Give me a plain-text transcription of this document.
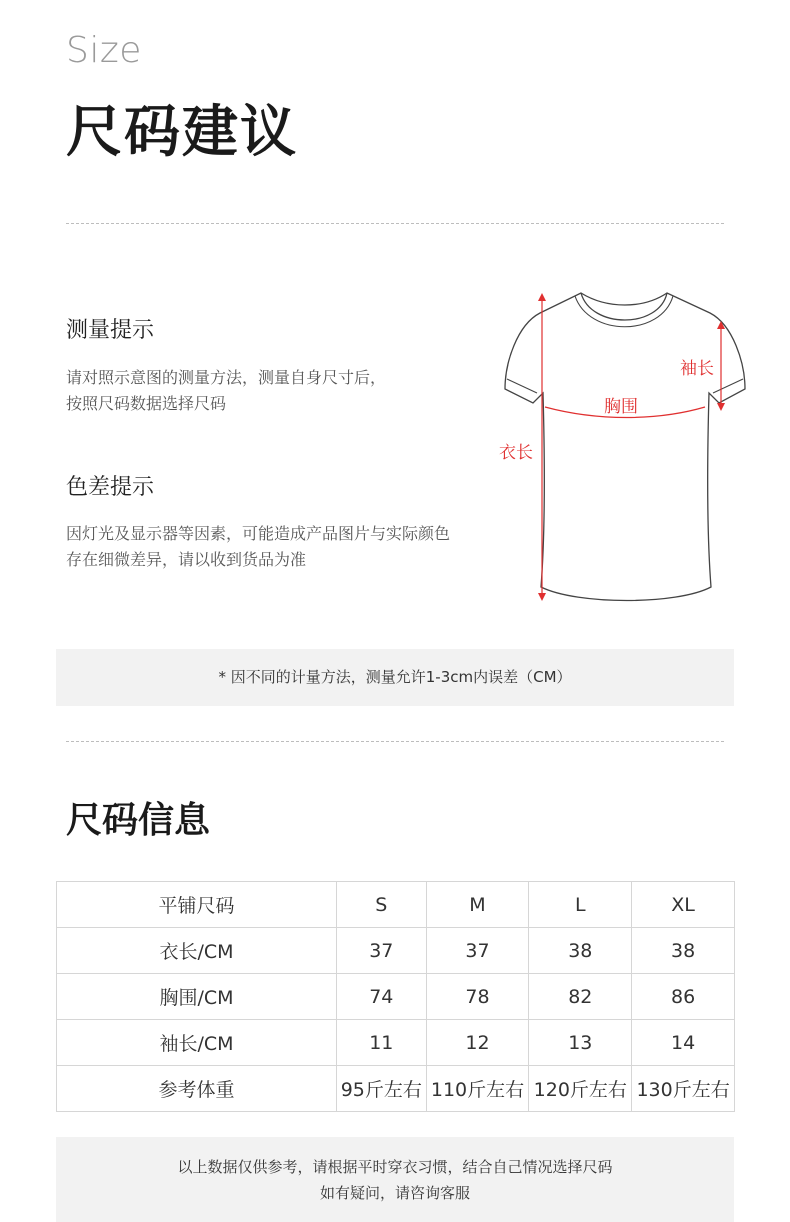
Size
尺码建议
测量提示
请对照示意图的测量方法，测量自身尺寸后，
按照尺码数据选择尺码
色差提示
因灯光及显示器等因素，可能造成产品图片与实际颜色
存在细微差异，请以收到货品为准
袖长
胸围
衣长
* 因不同的计量方法，测量允许1-3cm内误差（CM）
尺码信息
平铺尺码	S	M	L	XL
衣长/CM	37	37	38	38
胸围/CM	74	78	82	86
袖长/CM	11	12	13	14
参考体重	95斤左右	110斤左右	120斤左右	130斤左右
以上数据仅供参考，请根据平时穿衣习惯，结合自己情况选择尺码
如有疑问，请咨询客服
